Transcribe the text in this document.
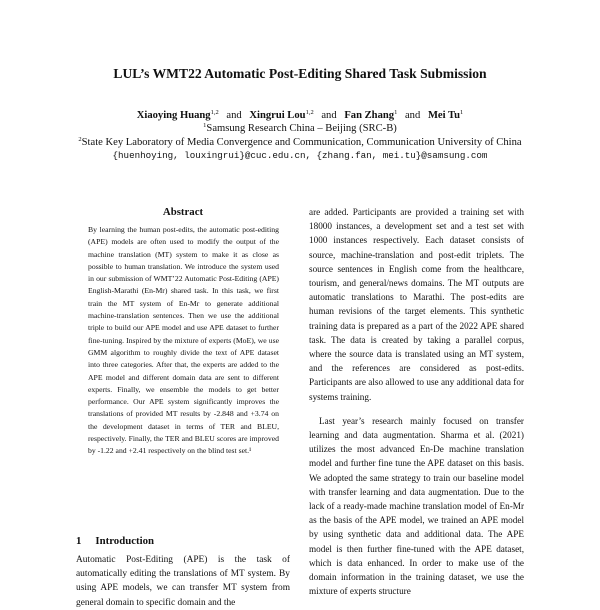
LUL’s WMT22 Automatic Post-Editing Shared Task Submission
Xiaoying Huang$^{1,2}$ and Xingrui Lou$^{1,2}$ and Fan Zhang$^1$ and Mei Tu$^1$
$^1$Samsung Research China – Beijing (SRC-B)
$^2$State Key Laboratory of Media Convergence and Communication, Communication University of China
{huenhoying, louxingrui}@cuc.edu.cn, {zhang.fan, mei.tu}@samsung.com
Abstract
By learning the human post-edits, the automatic post-editing (APE) models are often used to modify the output of the machine translation (MT) system to make it as close as possible to human translation. We introduce the system used in our submission of WMT’22 Automatic Post-Editing (APE) English-Marathi (En-Mr) shared task. In this task, we first train the MT system of En-Mr to generate additional machine-translation sentences. Then we use the additional triple to build our APE model and use APE dataset to further fine-tuning. Inspired by the mixture of experts (MoE), we use GMM algorithm to roughly divide the text of APE dataset into three categories. After that, the experts are added to the APE model and different domain data are sent to different experts. Finally, we ensemble the models to get better performance. Our APE system significantly improves the translations of provided MT results by -2.848 and +3.74 on the development dataset in terms of TER and BLEU, respectively. Finally, the TER and BLEU scores are improved by -1.22 and +2.41 respectively on the blind test set.¹
1 Introduction
Automatic Post-Editing (APE) is the task of automatically editing the translations of MT system. By using APE models, we can transfer MT system from general domain to specific domain and the

are added. Participants are provided a training set with 18000 instances, a development set and a test set with 1000 instances respectively. Each dataset consists of source, machine-translation and post-edit triplets. The source sentences in English come from the healthcare, tourism, and general/news domains. The MT outputs are automatic translations to Marathi. The post-edits are human revisions of the target elements. This synthetic training data is prepared as a part of the 2022 APE shared task. The data is created by taking a parallel corpus, where the source data is translated using an MT system, and the references are considered as post-edits. Participants are also allowed to use any additional data for systems training.

Last year’s research mainly focused on transfer learning and data augmentation. Sharma et al. (2021) utilizes the most advanced En-De machine translation model and further fine tune the APE dataset on this basis. We adopted the same strategy to train our baseline model with transfer learning and data augmentation. Due to the lack of a ready-made machine translation model of En-Mr as the basis of the APE model, we trained an APE model by using synthetic data and additional data. The APE model is then further fine-tuned with the APE dataset, which is data enhanced. In order to make use of the domain information in the training dataset, we use the mixture of experts structure
